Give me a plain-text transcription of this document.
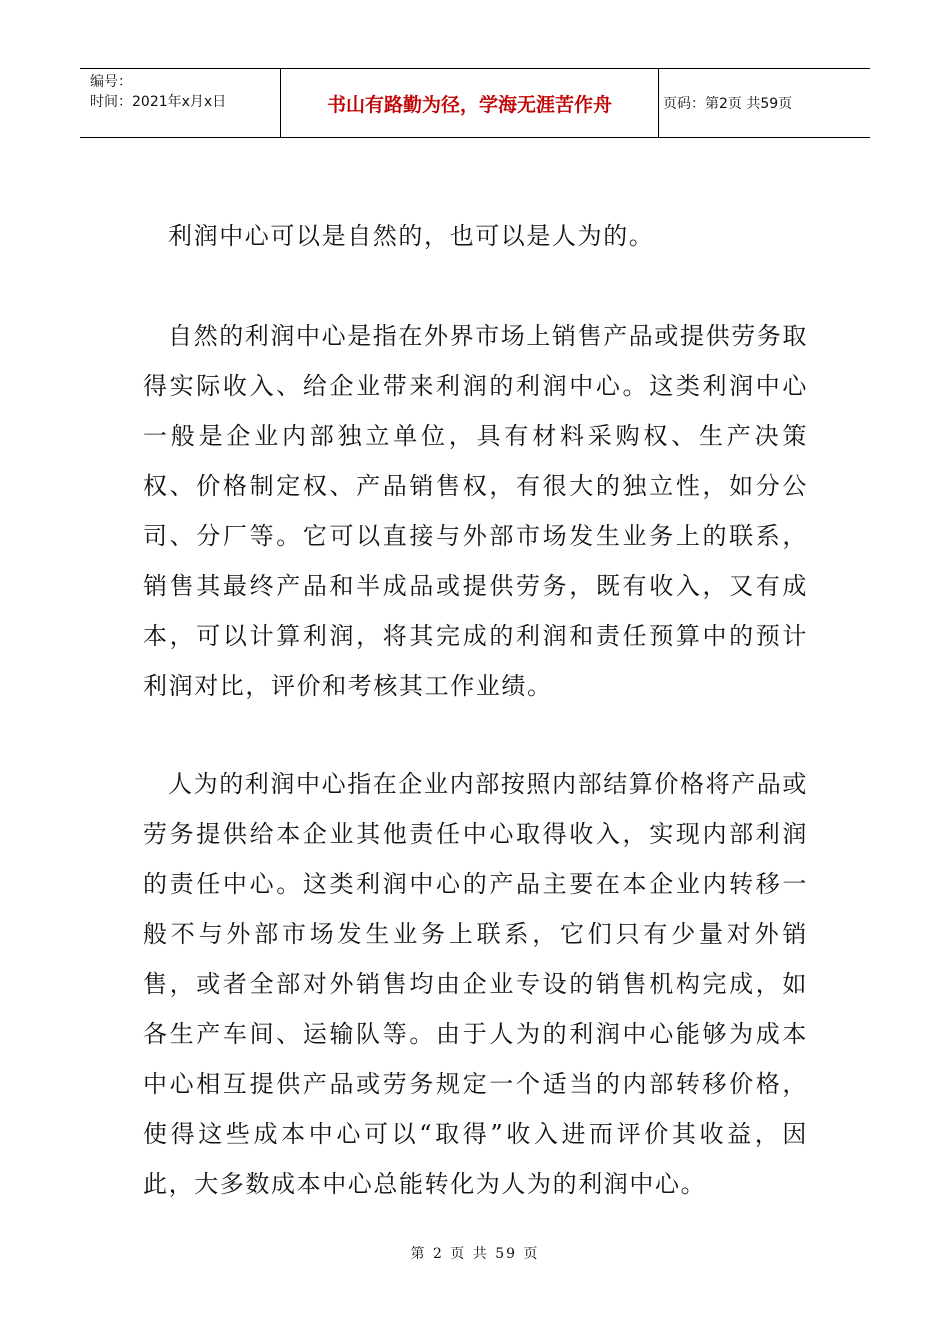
编号：
时间：2021年x月x日	书山有路勤为径，学海无涯苦作舟	页码：第2页 共59页

利润中心可以是自然的，也可以是人为的。

自然的利润中心是指在外界市场上销售产品或提供劳务取得实际收入、给企业带来利润的利润中心。这类利润中心一般是企业内部独立单位，具有材料采购权、生产决策权、价格制定权、产品销售权，有很大的独立性，如分公司、分厂等。它可以直接与外部市场发生业务上的联系，销售其最终产品和半成品或提供劳务，既有收入，又有成本，可以计算利润，将其完成的利润和责任预算中的预计利润对比，评价和考核其工作业绩。

人为的利润中心指在企业内部按照内部结算价格将产品或劳务提供给本企业其他责任中心取得收入，实现内部利润的责任中心。这类利润中心的产品主要在本企业内转移一般不与外部市场发生业务上联系，它们只有少量对外销售，或者全部对外销售均由企业专设的销售机构完成，如各生产车间、运输队等。由于人为的利润中心能够为成本中心相互提供产品或劳务规定一个适当的内部转移价格，使得这些成本中心可以“取得”收入进而评价其收益，因此，大多数成本中心总能转化为人为的利润中心。

第 2 页 共 59 页
